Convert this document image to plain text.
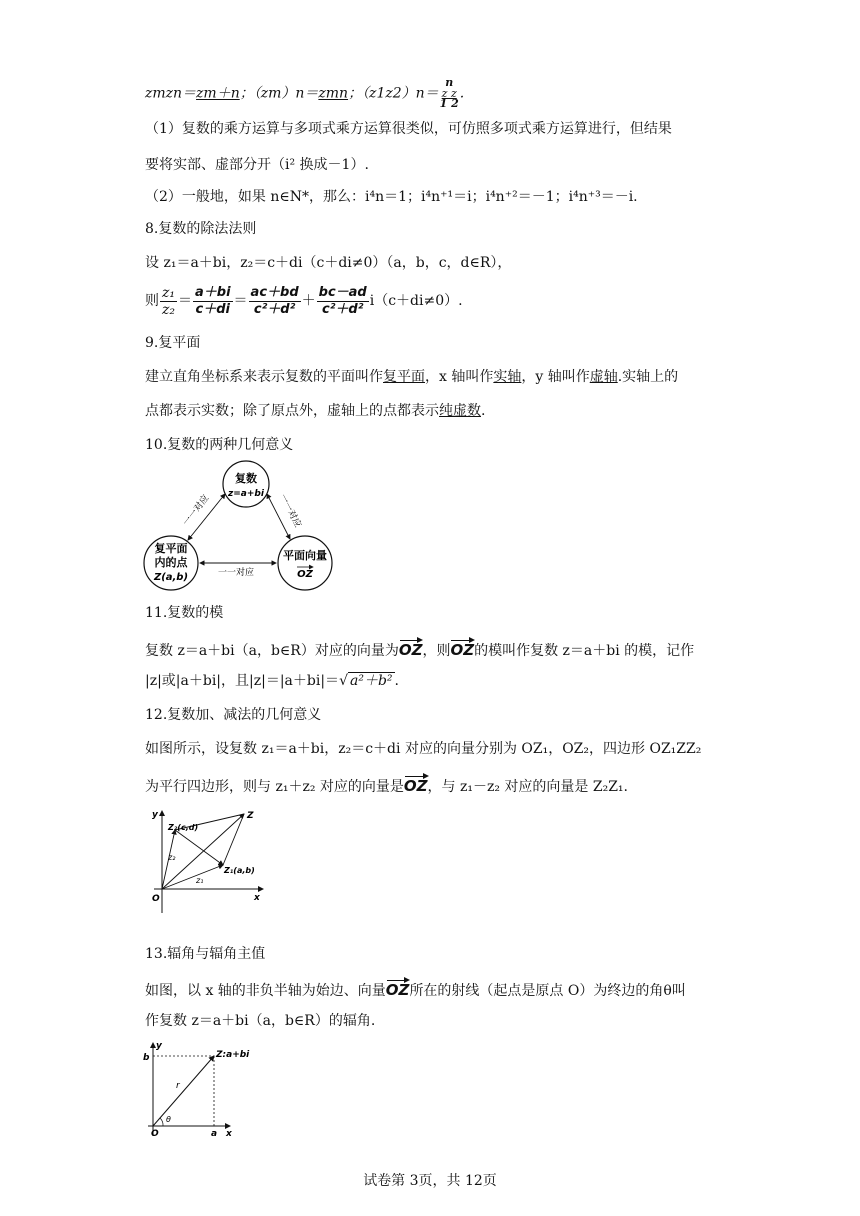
zmzn＝zm＋n；（zm）n＝zmn；（z1z2）n＝
n
z z
1 2
.
（1）复数的乘方运算与多项式乘方运算很类似，可仿照多项式乘方运算进行，但结果
要将实部、虚部分开（i² 换成－1）.
（2）一般地，如果 n∈N*，那么：i⁴n＝1；i⁴n⁺¹＝i；i⁴n⁺²＝－1；i⁴n⁺³＝－i.
8.复数的除法法则
设 z₁＝a＋bi，z₂＝c＋di（c＋di≠0）（a，b，c，d∈R），
则 $\frac{\text{z₁}}{\text{z₂}} = \frac{a+bi}{c+di} = \frac{ac+bd}{\text{c²＋d²}} + \frac{bc-ad}{\text{c²＋d²}} i(c+di\ne 0)$.
9.复平面
建立直角坐标系来表示复数的平面叫作复平面，x 轴叫作实轴，y 轴叫作虚轴.实轴上的
点都表示实数；除了原点外，虚轴上的点都表示纯虚数.
10.复数的两种几何意义
复数
z=a+bi
复平面
内的点
Z(a,b)
平面向量
OZ
一一对应	一一对应
一一对应
11.复数的模
复数 z＝a＋bi（a，b∈R）对应的向量为OZ，则OZ的模叫作复数 z＝a＋bi 的模，记作
|z|或|a＋bi|，且|z|＝|a＋bi|＝√ a²＋b² .
12.复数加、减法的几何意义
如图所示，设复数 z₁＝a＋bi，z₂＝c＋di 对应的向量分别为 OZ₁，OZ₂，四边形 OZ₁ZZ₂
为平行四边形，则与 z₁＋z₂ 对应的向量是OZ，与 z₁－z₂ 对应的向量是 Z₂Z₁.
y
x
O
Z
Z₂(c,d)
Z₁(a,b)
z₂
z₁
13.辐角与辐角主值
如图，以 x 轴的非负半轴为始边、向量OZ所在的射线（起点是原点 O）为终边的角θ叫
作复数 z＝a＋bi（a，b∈R）的辐角.
y
x
O
b
a
r
θ
Z:a+bi
试卷第 3页，共 12页
